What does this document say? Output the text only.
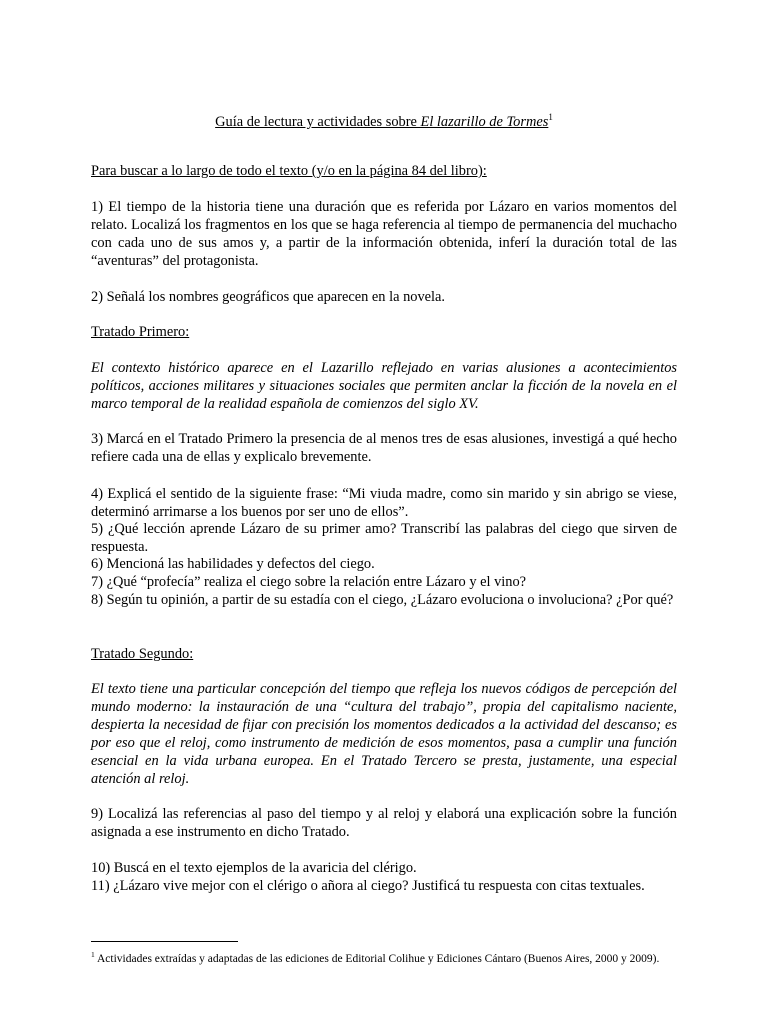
Guía de lectura y actividades sobre El lazarillo de Tormes$^1$

Para buscar a lo largo de todo el texto (y/o en la página 84 del libro):

1) El tiempo de la historia tiene una duración que es referida por Lázaro en varios momentos del relato. Localizá los fragmentos en los que se haga referencia al tiempo de permanencia del muchacho con cada uno de sus amos y, a partir de la información obtenida, inferí la duración total de las “aventuras” del protagonista.

2) Señalá los nombres geográficos que aparecen en la novela.

Tratado Primero:

El contexto histórico aparece en el Lazarillo reflejado en varias alusiones a acontecimientos políticos, acciones militares y situaciones sociales que permiten anclar la ficción de la novela en el marco temporal de la realidad española de comienzos del siglo XV.

3) Marcá en el Tratado Primero la presencia de al menos tres de esas alusiones, investigá a qué hecho refiere cada una de ellas y explicalo brevemente.

4) Explicá el sentido de la siguiente frase: “Mi viuda madre, como sin marido y sin abrigo se viese, determinó arrimarse a los buenos por ser uno de ellos”.

5) ¿Qué lección aprende Lázaro de su primer amo? Transcribí las palabras del ciego que sirven de respuesta.

6) Mencioná las habilidades y defectos del ciego.

7) ¿Qué “profecía” realiza el ciego sobre la relación entre Lázaro y el vino?

8) Según tu opinión, a partir de su estadía con el ciego, ¿Lázaro evoluciona o involuciona? ¿Por qué?

Tratado Segundo:

El texto tiene una particular concepción del tiempo que refleja los nuevos códigos de percepción del mundo moderno: la instauración de una “cultura del trabajo”, propia del capitalismo naciente, despierta la necesidad de fijar con precisión los momentos dedicados a la actividad del descanso; es por eso que el reloj, como instrumento de medición de esos momentos, pasa a cumplir una función esencial en la vida urbana europea. En el Tratado Tercero se presta, justamente, una especial atención al reloj.

9) Localizá las referencias al paso del tiempo y al reloj y elaborá una explicación sobre la función asignada a ese instrumento en dicho Tratado.

10) Buscá en el texto ejemplos de la avaricia del clérigo.

11) ¿Lázaro vive mejor con el clérigo o añora al ciego? Justificá tu respuesta con citas textuales.

$^1$ Actividades extraídas y adaptadas de las ediciones de Editorial Colihue y Ediciones Cántaro (Buenos Aires, 2000 y 2009).
